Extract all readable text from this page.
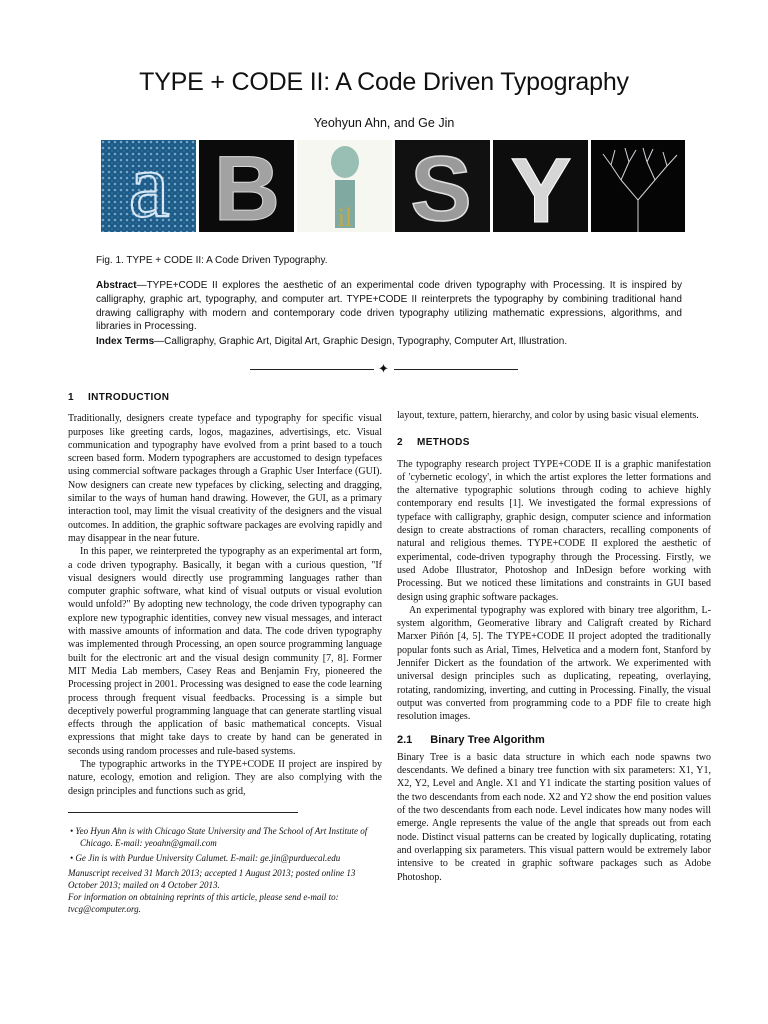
TYPE + CODE II: A Code Driven Typography
Yeohyun Ahn, and Ge Jin
a B il S Y
Fig. 1. TYPE + CODE II: A Code Driven Typography.
Abstract—TYPE+CODE II explores the aesthetic of an experimental code driven typography with Processing. It is inspired by calligraphy, graphic art, typography, and computer art. TYPE+CODE II reinterprets the typography by combining traditional hand drawing calligraphy with modern and contemporary code driven typography utilizing mathematic expressions, algorithms, and libraries in Processing.
Index Terms—Calligraphy, Graphic Art, Digital Art, Graphic Design, Typography, Computer Art, Illustration.
✦
1 INTRODUCTION

Traditionally, designers create typeface and typography for specific visual purposes like greeting cards, logos, magazines, advertisings, etc. Visual communication and typography have evolved from a print based to a touch screen based form. Modern typographers are accustomed to design typefaces using commercial software packages through a Graphic User Interface (GUI). Now designers can create new typefaces by clicking, selecting and dragging, similar to the ways of human hand drawing. However, the GUI, as a primary interaction tool, may limit the visual creativity of the designers and the visual outcomes. In addition, the graphic software packages are evolving rapidly and may disappear in the near future.

In this paper, we reinterpreted the typography as an experimental art form, a code driven typography. Basically, it began with a curious question, "If visual designers would directly use programming languages rather than computer graphic software, what kind of visual outputs or visual evolution would unfold?" By adopting new technology, the code driven typography can explore new typographic identities, convey new visual messages, and interact with massive amounts of information and data. The code driven typography was implemented through Processing, an open source programming language built for the electronic art and the visual design community [7, 8]. Former MIT Media Lab members, Casey Reas and Benjamin Fry, pioneered the Processing project in 2001. Processing was designed to ease the code learning process through frequent visual feedbacks. Processing is a simple but deceptively powerful programming language that can generate startling visual effects through the application of basic mathematical concepts. Visual expressions that might take days to create by hand can be generated in seconds using random processes and rule-based systems.

The typographic artworks in the TYPE+CODE II project are inspired by nature, ecology, emotion and religion. They are also complying with the design principles and functions such as grid,

layout, texture, pattern, hierarchy, and color by using basic visual elements.

2 METHODS

The typography research project TYPE+CODE II is a graphic manifestation of 'cybernetic ecology', in which the artist explores the letter formations and the alternative typographic solutions through coding to achieve highly contemporary end results [1]. We investigated the formal expressions of typeface with calligraphy, graphic design, computer science and information design to create abstractions of roman characters, recalling components of natural and religious themes. TYPE+CODE II explored the aesthetic of experimental, code-driven typography through the Processing. Firstly, we used Adobe Illustrator, Photoshop and InDesign before working with Processing. But we noticed these limitations and constraints in GUI based design using graphic software packages.

An experimental typography was explored with binary tree algorithm, L-system algorithm, Geomerative library and Caligraft created by Richard Marxer Piñón [4, 5]. The TYPE+CODE II project adopted the traditionally popular fonts such as Arial, Times, Helvetica and a modern font, Stanford by Jennifer Dickert as the foundation of the artwork. We experimented with universal design principles such as duplicating, repeating, overlaying, rotating, randomizing, inverting, and cutting in Processing. Finally, the visual output was converted from programming code to a PDF file to create high resolution images.

2.1 Binary Tree Algorithm

Binary Tree is a basic data structure in which each node spawns two descendants. We defined a binary tree function with six parameters: X1, Y1, X2, Y2, Level and Angle. X1 and Y1 indicate the starting position values of the two descendants from each node. X2 and Y2 show the end position values of the two descendants from each node. Level indicates how many nodes will emerge. Angle represents the value of the angle that spreads out from each node. Distinct visual patterns can be created by logically duplicating, rotating and overlapping six parameters. This visual pattern would be extremely labor intensive to be created in graphic software packages such as Adobe Photoshop.

• Yeo Hyun Ahn is with Chicago State University and The School of Art Institute of Chicago. E-mail: yeoahn@gmail.com
• Ge Jin is with Purdue University Calumet. E-mail: ge.jin@purduecal.edu
Manuscript received 31 March 2013; accepted 1 August 2013; posted online 13 October 2013; mailed on 4 October 2013.
For information on obtaining reprints of this article, please send e-mail to: tvcg@computer.org.
